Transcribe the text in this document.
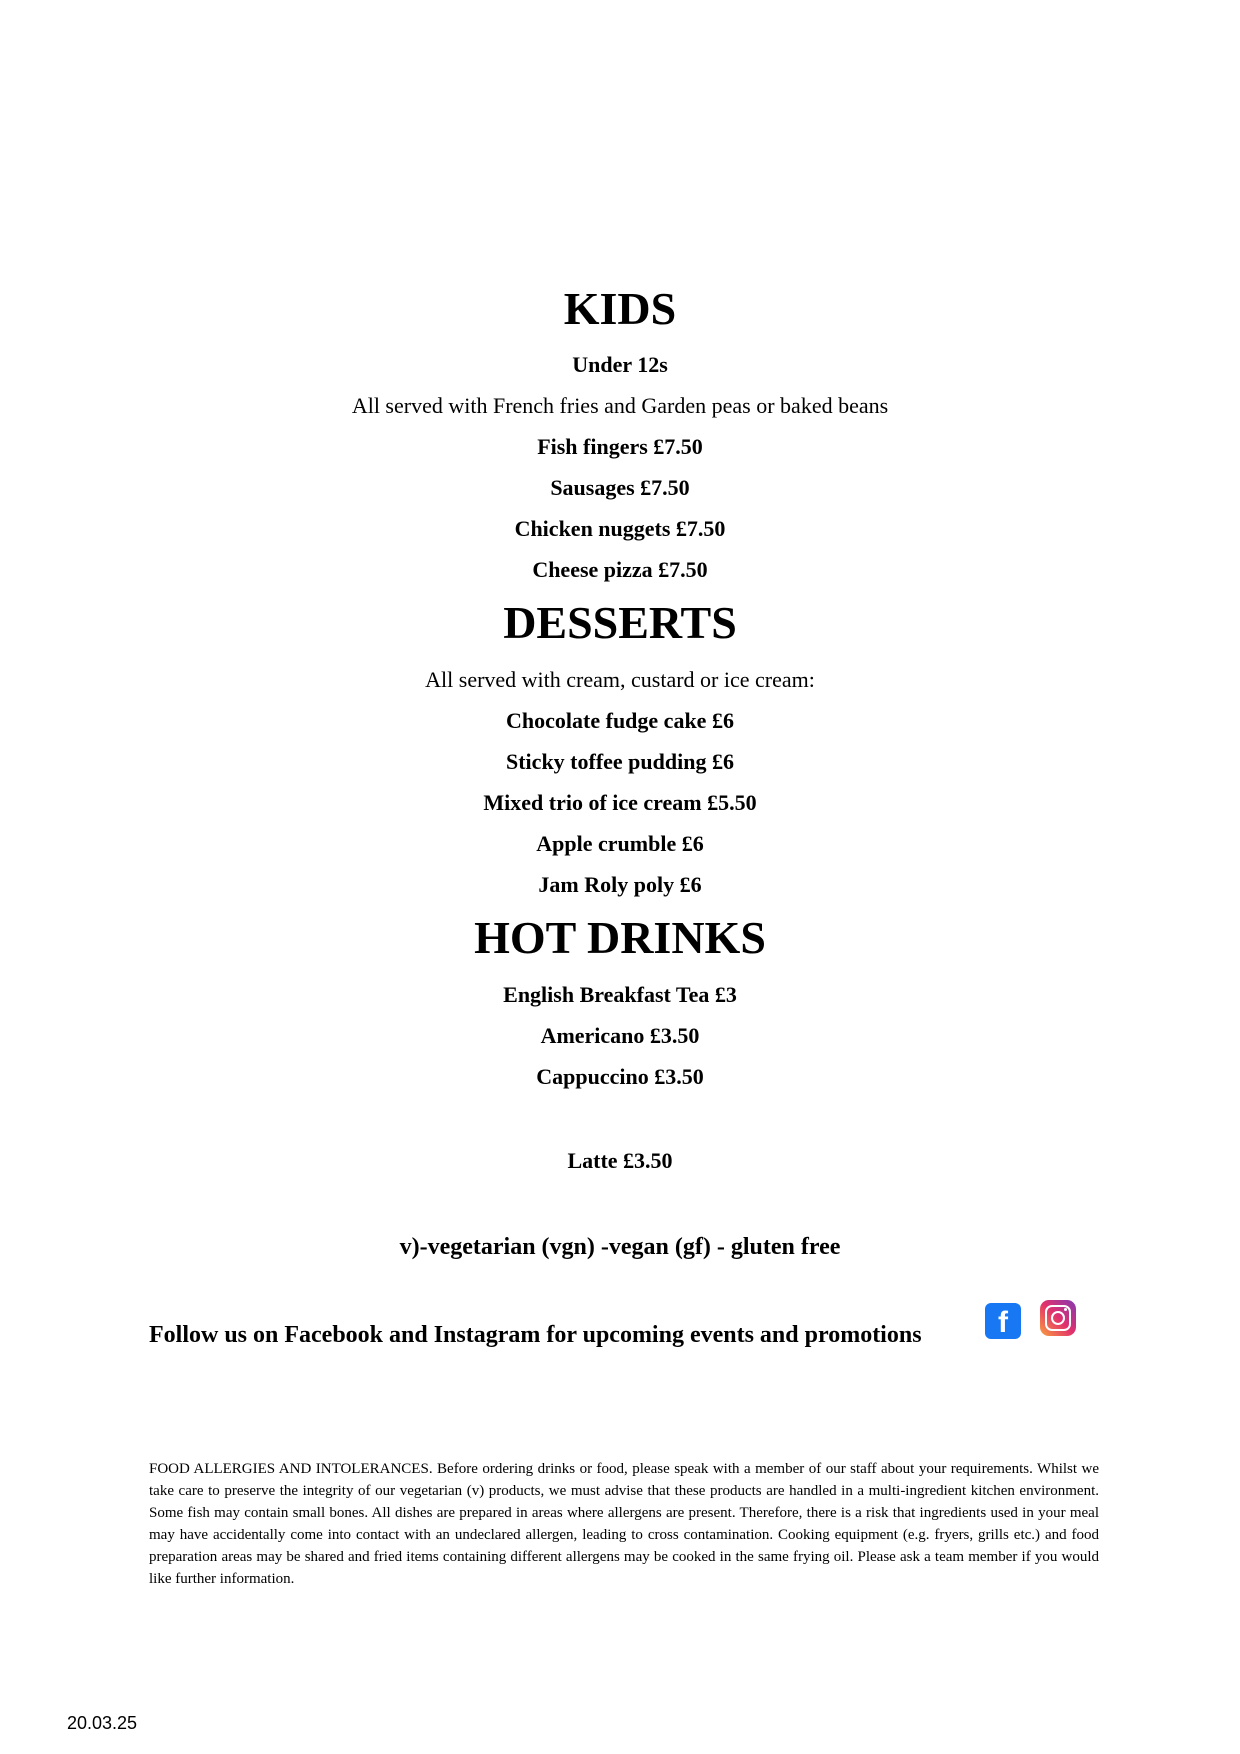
KIDS

Under 12s

All served with French fries and Garden peas or baked beans

Fish fingers £7.50

Sausages £7.50

Chicken nuggets £7.50

Cheese pizza £7.50

DESSERTS

All served with cream, custard or ice cream:

Chocolate fudge cake £6

Sticky toffee pudding £6

Mixed trio of ice cream £5.50

Apple crumble £6

Jam Roly poly £6

HOT DRINKS

English Breakfast Tea £3

Americano £3.50

Cappuccino £3.50

Latte £3.50

v)-vegetarian (vgn) -vegan (gf) - gluten free

Follow us on Facebook and Instagram for upcoming events and promotions	f

FOOD ALLERGIES AND INTOLERANCES. Before ordering drinks or food, please speak with a member of our staff about your requirements. Whilst we take care to preserve the integrity of our vegetarian (v) products, we must advise that these products are handled in a multi-ingredient kitchen environment. Some fish may contain small bones. All dishes are prepared in areas where allergens are present. Therefore, there is a risk that ingredients used in your meal may have accidentally come into contact with an undeclared allergen, leading to cross contamination. Cooking equipment (e.g. fryers, grills etc.) and food preparation areas may be shared and fried items containing different allergens may be cooked in the same frying oil. Please ask a team member if you would like further information.

20.03.25
